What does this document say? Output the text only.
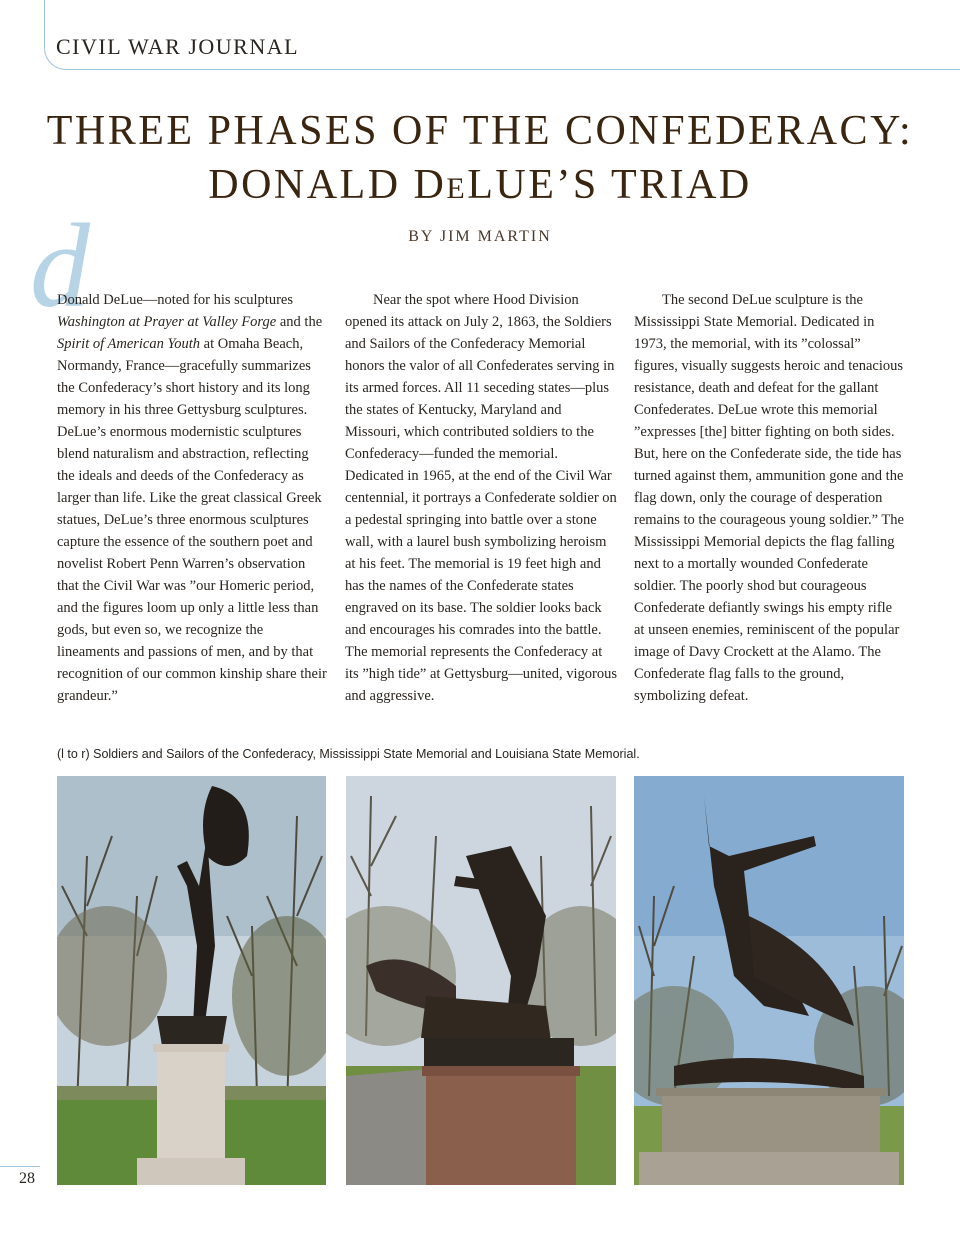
CIVIL WAR JOURNAL
THREE PHASES OF THE CONFEDERACY:
DONALD DELUE’S TRIAD
BY JIM MARTIN
d

Donald DeLue—noted for his sculptures Washington at Prayer at Valley Forge and the Spirit of American Youth at Omaha Beach, Normandy, France—gracefully summarizes the Confederacy’s short history and its long memory in his three Gettysburg sculptures. DeLue’s enormous modernistic sculptures blend naturalism and abstraction, reflecting the ideals and deeds of the Confederacy as larger than life. Like the great classical Greek statues, DeLue’s three enormous sculptures capture the essence of the southern poet and novelist Robert Penn Warren’s observation that the Civil War was ”our Homeric period, and the figures loom up only a little less than gods, but even so, we recognize the lineaments and passions of men, and by that recognition of our common kinship share their grandeur.”

Near the spot where Hood Division opened its attack on July 2, 1863, the Soldiers and Sailors of the Confederacy Memorial honors the valor of all Confederates serving in its armed forces. All 11 seceding states—plus the states of Kentucky, Maryland and Missouri, which contributed soldiers to the Confederacy—funded the memorial. Dedicated in 1965, at the end of the Civil War centennial, it portrays a Confederate soldier on a pedestal springing into battle over a stone wall, with a laurel bush symbolizing heroism at his feet. The memorial is 19 feet high and has the names of the Confederate states engraved on its base. The soldier looks back and encourages his comrades into the battle. The memorial represents the Confederacy at its ”high tide” at Gettysburg—united, vigorous and aggressive.

The second DeLue sculpture is the Mississippi State Memorial. Dedicated in 1973, the memorial, with its ”colossal” figures, visually suggests heroic and tenacious resistance, death and defeat for the gallant Confederates. DeLue wrote this memorial ”expresses [the] bitter fighting on both sides. But, here on the Confederate side, the tide has turned against them, ammunition gone and the flag down, only the courage of desperation remains to the courageous young soldier.” The Mississippi Memorial depicts the flag falling next to a mortally wounded Confederate soldier. The poorly shod but courageous Confederate defiantly swings his empty rifle at unseen enemies, reminiscent of the popular image of Davy Crockett at the Alamo. The Confederate flag falls to the ground, symbolizing defeat.

(l to r) Soldiers and Sailors of the Confederacy, Mississippi State Memorial and Louisiana State Memorial.
28
